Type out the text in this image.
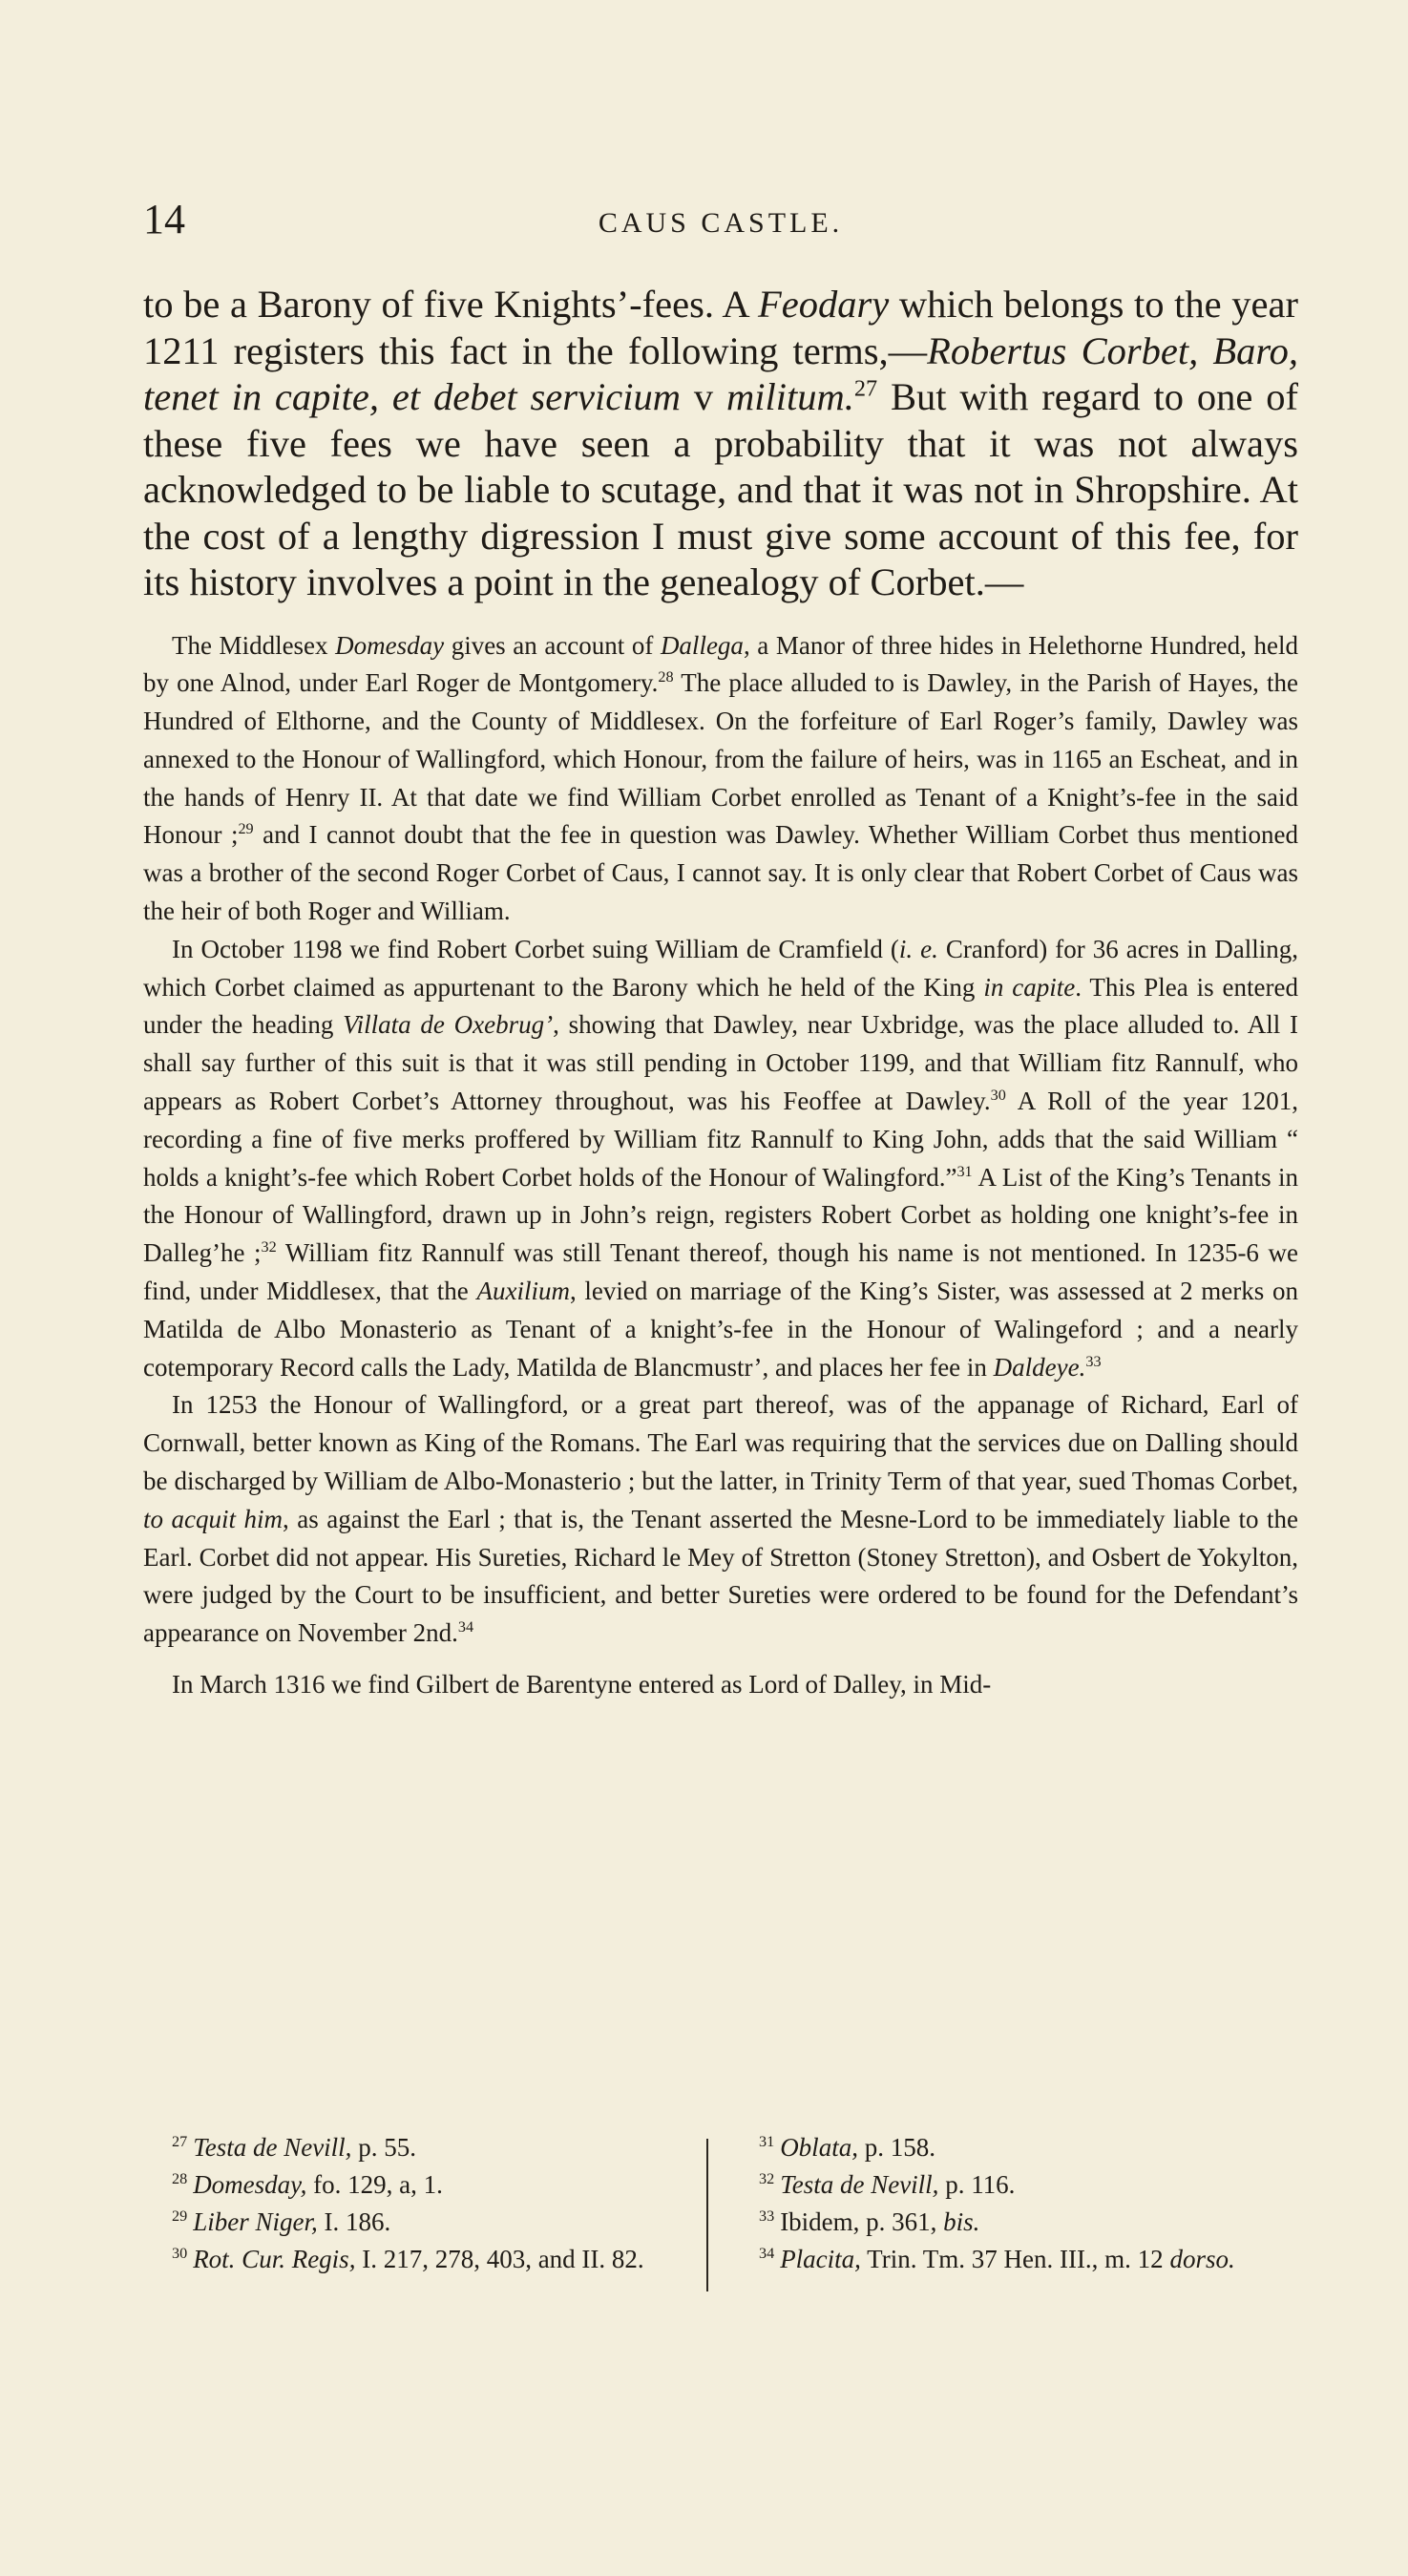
14	CAUS CASTLE.

to be a Barony of five Knights’-fees. A Feodary which belongs to the year 1211 registers this fact in the following terms,—Robertus Corbet, Baro, tenet in capite, et debet servicium v militum.$^{27}$ But with regard to one of these five fees we have seen a probability that it was not always acknowledged to be liable to scutage, and that it was not in Shropshire. At the cost of a lengthy digression I must give some account of this fee, for its history involves a point in the genealogy of Corbet.—

The Middlesex Domesday gives an account of Dallega, a Manor of three hides in Helethorne Hundred, held by one Alnod, under Earl Roger de Montgomery.$^{28}$ The place alluded to is Dawley, in the Parish of Hayes, the Hundred of Elthorne, and the County of Middlesex. On the forfeiture of Earl Roger’s family, Dawley was annexed to the Honour of Wallingford, which Honour, from the failure of heirs, was in 1165 an Escheat, and in the hands of Henry II. At that date we find William Corbet enrolled as Tenant of a Knight’s-fee in the said Honour ;$^{29}$ and I cannot doubt that the fee in question was Dawley. Whether William Corbet thus mentioned was a brother of the second Roger Corbet of Caus, I cannot say. It is only clear that Robert Corbet of Caus was the heir of both Roger and William.

In October 1198 we find Robert Corbet suing William de Cramfield (i. e. Cranford) for 36 acres in Dalling, which Corbet claimed as appurtenant to the Barony which he held of the King in capite. This Plea is entered under the heading Villata de Oxebrug’, showing that Dawley, near Uxbridge, was the place alluded to. All I shall say further of this suit is that it was still pending in October 1199, and that William fitz Rannulf, who appears as Robert Corbet’s Attorney throughout, was his Feoffee at Dawley.$^{30}$ A Roll of the year 1201, recording a fine of five merks proffered by William fitz Rannulf to King John, adds that the said William “ holds a knight’s-fee which Robert Corbet holds of the Honour of Walingford.”$^{31}$ A List of the King’s Tenants in the Honour of Wallingford, drawn up in John’s reign, registers Robert Corbet as holding one knight’s-fee in Dalleg’he ;$^{32}$ William fitz Rannulf was still Tenant thereof, though his name is not mentioned. In 1235-6 we find, under Middlesex, that the Auxilium, levied on marriage of the King’s Sister, was assessed at 2 merks on Matilda de Albo Monasterio as Tenant of a knight’s-fee in the Honour of Walingeford ; and a nearly cotemporary Record calls the Lady, Matilda de Blancmustr’, and places her fee in Daldeye.$^{33}$

In 1253 the Honour of Wallingford, or a great part thereof, was of the appanage of Richard, Earl of Cornwall, better known as King of the Romans. The Earl was requiring that the services due on Dalling should be discharged by William de Albo-Monasterio ; but the latter, in Trinity Term of that year, sued Thomas Corbet, to acquit him, as against the Earl ; that is, the Tenant asserted the Mesne-Lord to be immediately liable to the Earl. Corbet did not appear. His Sureties, Richard le Mey of Stretton (Stoney Stretton), and Osbert de Yokylton, were judged by the Court to be insufficient, and better Sureties were ordered to be found for the Defendant’s appearance on November 2nd.$^{34}$

In March 1316 we find Gilbert de Barentyne entered as Lord of Dalley, in Mid-

$^{27}$ Testa de Nevill, p. 55.

$^{28}$ Domesday, fo. 129, a, 1.

$^{29}$ Liber Niger, I. 186.

$^{30}$ Rot. Cur. Regis, I. 217, 278, 403, and II. 82.

$^{31}$ Oblata, p. 158.

$^{32}$ Testa de Nevill, p. 116.

$^{33}$ Ibidem, p. 361, bis.

$^{34}$ Placita, Trin. Tm. 37 Hen. III., m. 12 dorso.
